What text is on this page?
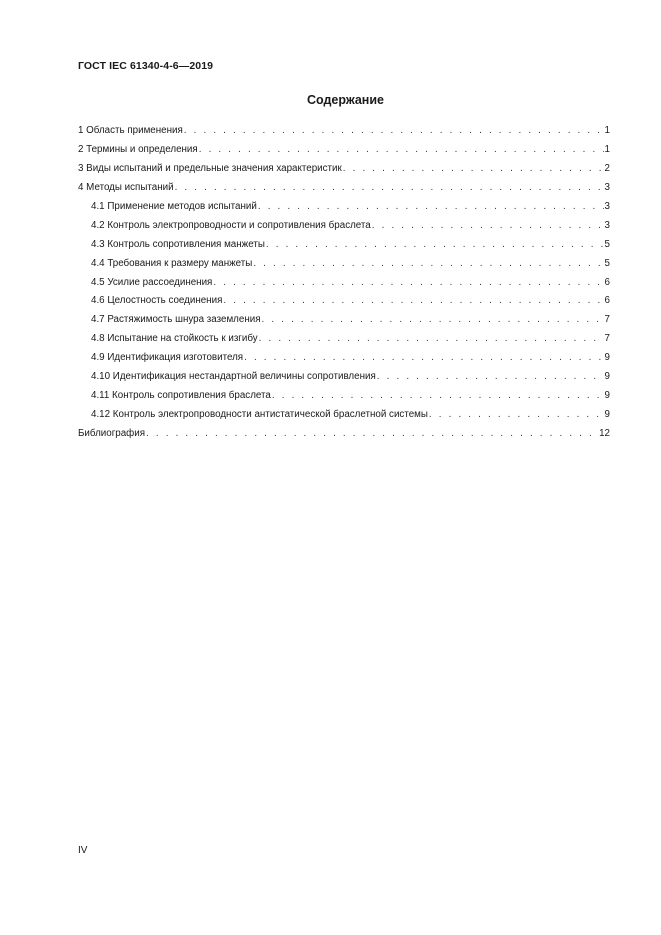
ГОСТ IEC 61340-4-6—2019
Содержание
1 Область применения . . .	1
2 Термины и определения . . .	1
3 Виды испытаний и предельные значения характеристик . . .	2
4 Методы испытаний . . .	3
4.1 Применение методов испытаний . . .	3
4.2 Контроль электропроводности и сопротивления браслета . . .	3
4.3 Контроль сопротивления манжеты . . .	5
4.4 Требования к размеру манжеты . . .	5
4.5 Усилие рассоединения . . .	6
4.6 Целостность соединения . . .	6
4.7 Растяжимость шнура заземления . . .	7
4.8 Испытание на стойкость к изгибу . . .	7
4.9 Идентификация изготовителя . . .	9
4.10 Идентификация нестандартной величины сопротивления . . .	9
4.11 Контроль сопротивления браслета . . .	9
4.12 Контроль электропроводности антистатической браслетной системы . . .	9
Библиография . . .	12
IV
